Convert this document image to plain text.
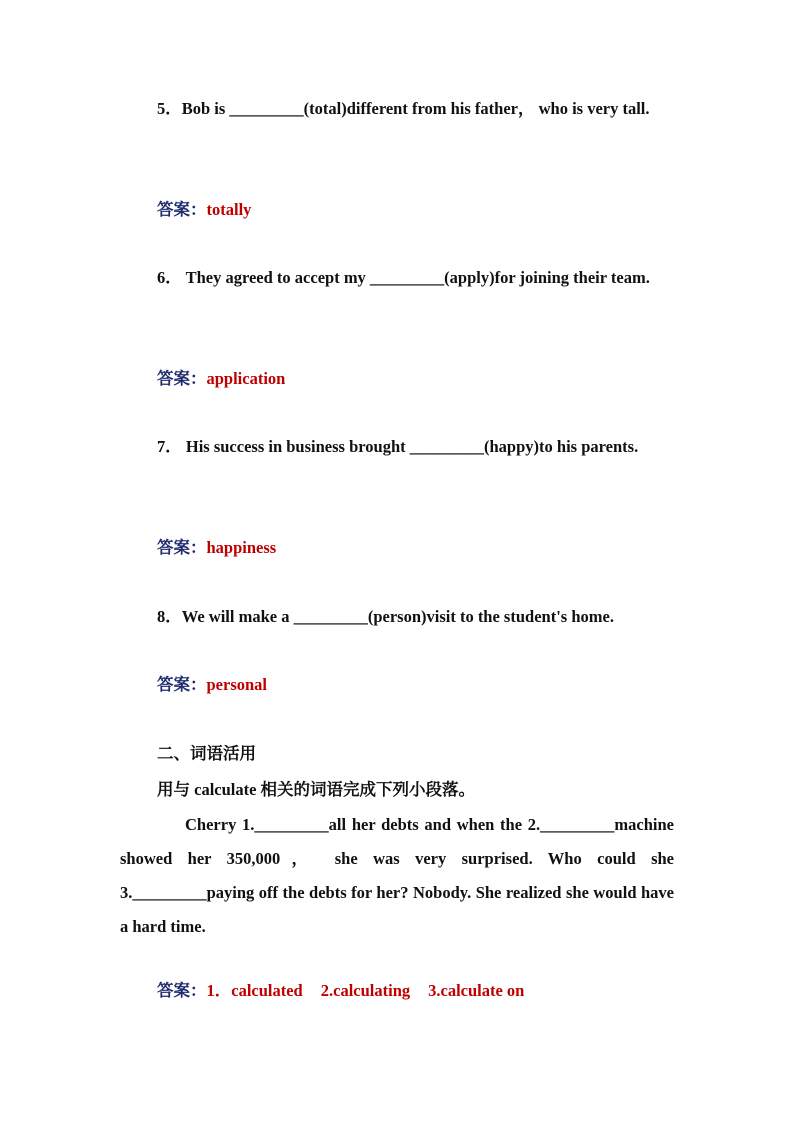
5．Bob is _________(total)different from his father， who is very tall.

答案：totally

6． They agreed to accept my _________(apply)for joining their team.

答案：application

7． His success in business brought _________(happy)to his parents.

答案：happiness

8．We will make a _________(person)visit to the student's home.

答案：personal

二、词语活用

用与 calculate 相关的词语完成下列小段落。

Cherry 1._________all her debts and when the 2._________machine showed her 350,000， she was very surprised. Who could she 3._________paying off the debts for her? Nobody. She realized she would have a hard time.

答案：1．calculated 2.calculating 3.calculate on
